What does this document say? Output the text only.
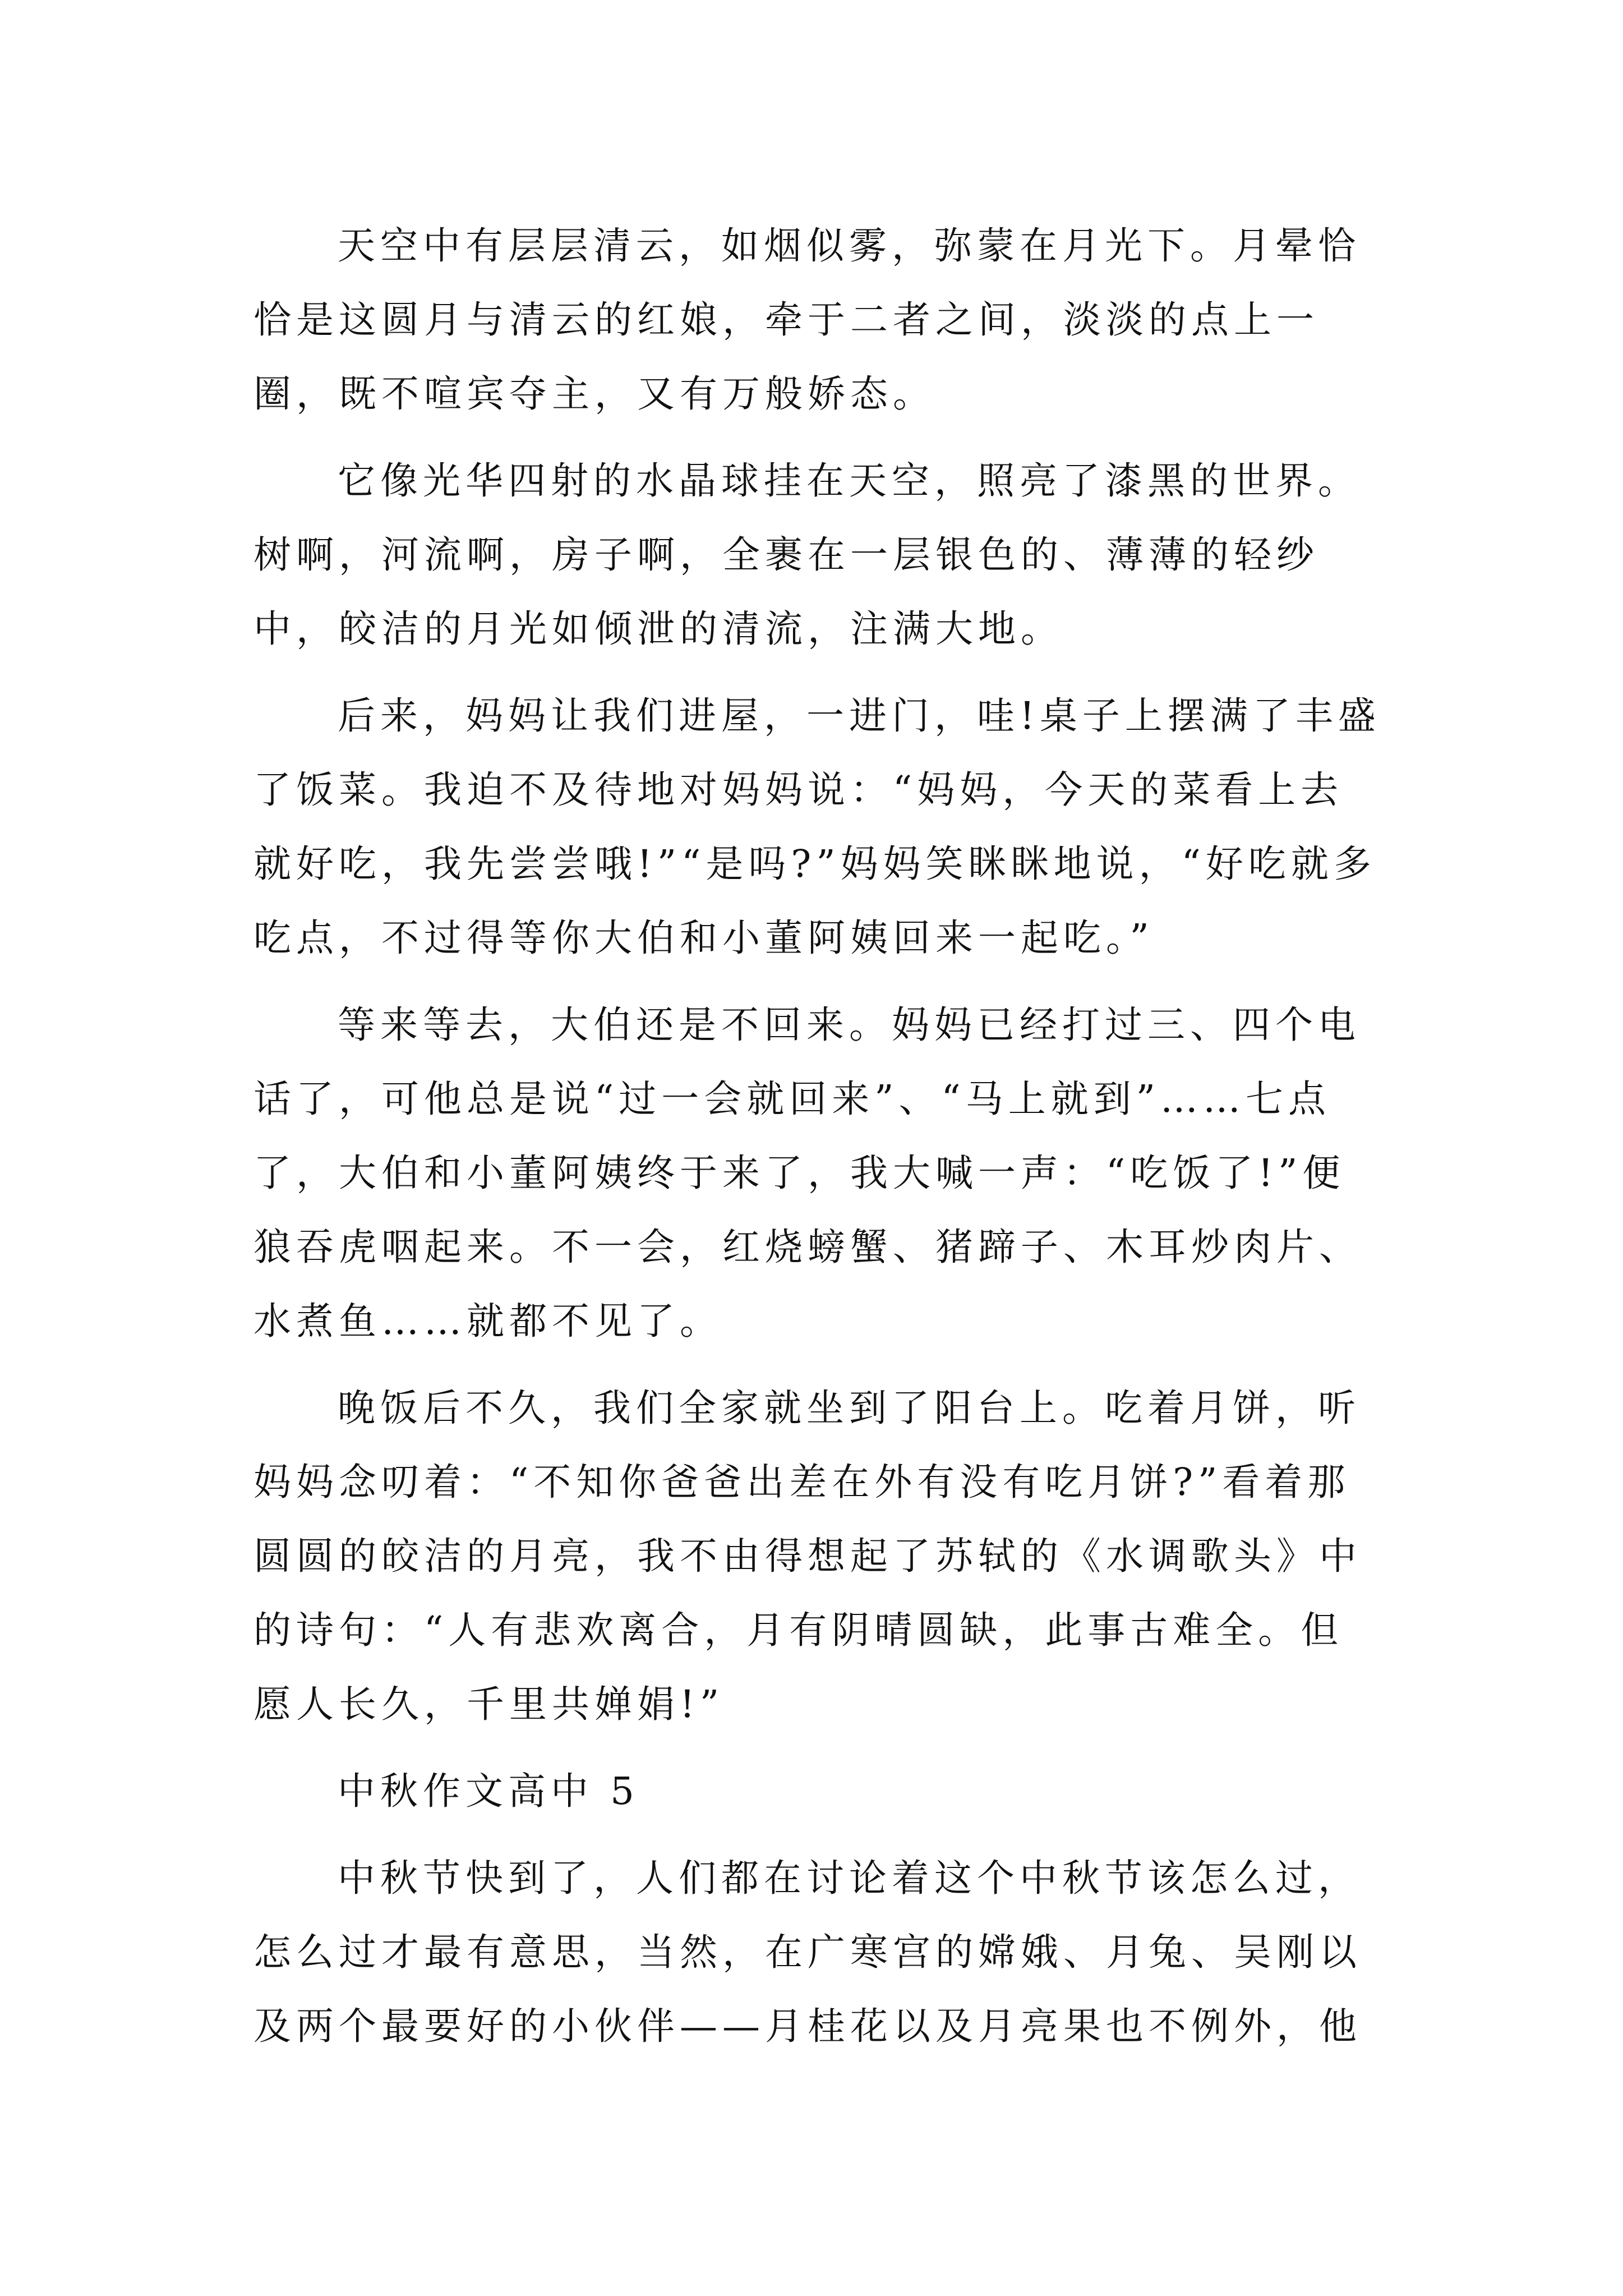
天空中有层层清云，如烟似雾，弥蒙在月光下。月晕恰恰是这圆月与清云的红娘，牵于二者之间，淡淡的点上一圈，既不喧宾夺主，又有万般娇态。

它像光华四射的水晶球挂在天空，照亮了漆黑的世界。树啊，河流啊，房子啊，全裹在一层银色的、薄薄的轻纱中，皎洁的月光如倾泄的清流，注满大地。

后来，妈妈让我们进屋，一进门，哇!桌子上摆满了丰盛了饭菜。我迫不及待地对妈妈说：“妈妈，今天的菜看上去就好吃，我先尝尝哦!”“是吗?”妈妈笑眯眯地说，“好吃就多吃点，不过得等你大伯和小董阿姨回来一起吃。”

等来等去，大伯还是不回来。妈妈已经打过三、四个电话了，可他总是说“过一会就回来”、“马上就到”……七点了，大伯和小董阿姨终于来了，我大喊一声：“吃饭了!”便狼吞虎咽起来。不一会，红烧螃蟹、猪蹄子、木耳炒肉片、水煮鱼……就都不见了。

晚饭后不久，我们全家就坐到了阳台上。吃着月饼，听妈妈念叨着：“不知你爸爸出差在外有没有吃月饼?”看着那圆圆的皎洁的月亮，我不由得想起了苏轼的《水调歌头》中的诗句：“人有悲欢离合，月有阴晴圆缺，此事古难全。但愿人长久，千里共婵娟!”

中秋作文高中 5

中秋节快到了，人们都在讨论着这个中秋节该怎么过，怎么过才最有意思，当然，在广寒宫的嫦娥、月兔、吴刚以及两个最要好的小伙伴——月桂花以及月亮果也不例外，他
